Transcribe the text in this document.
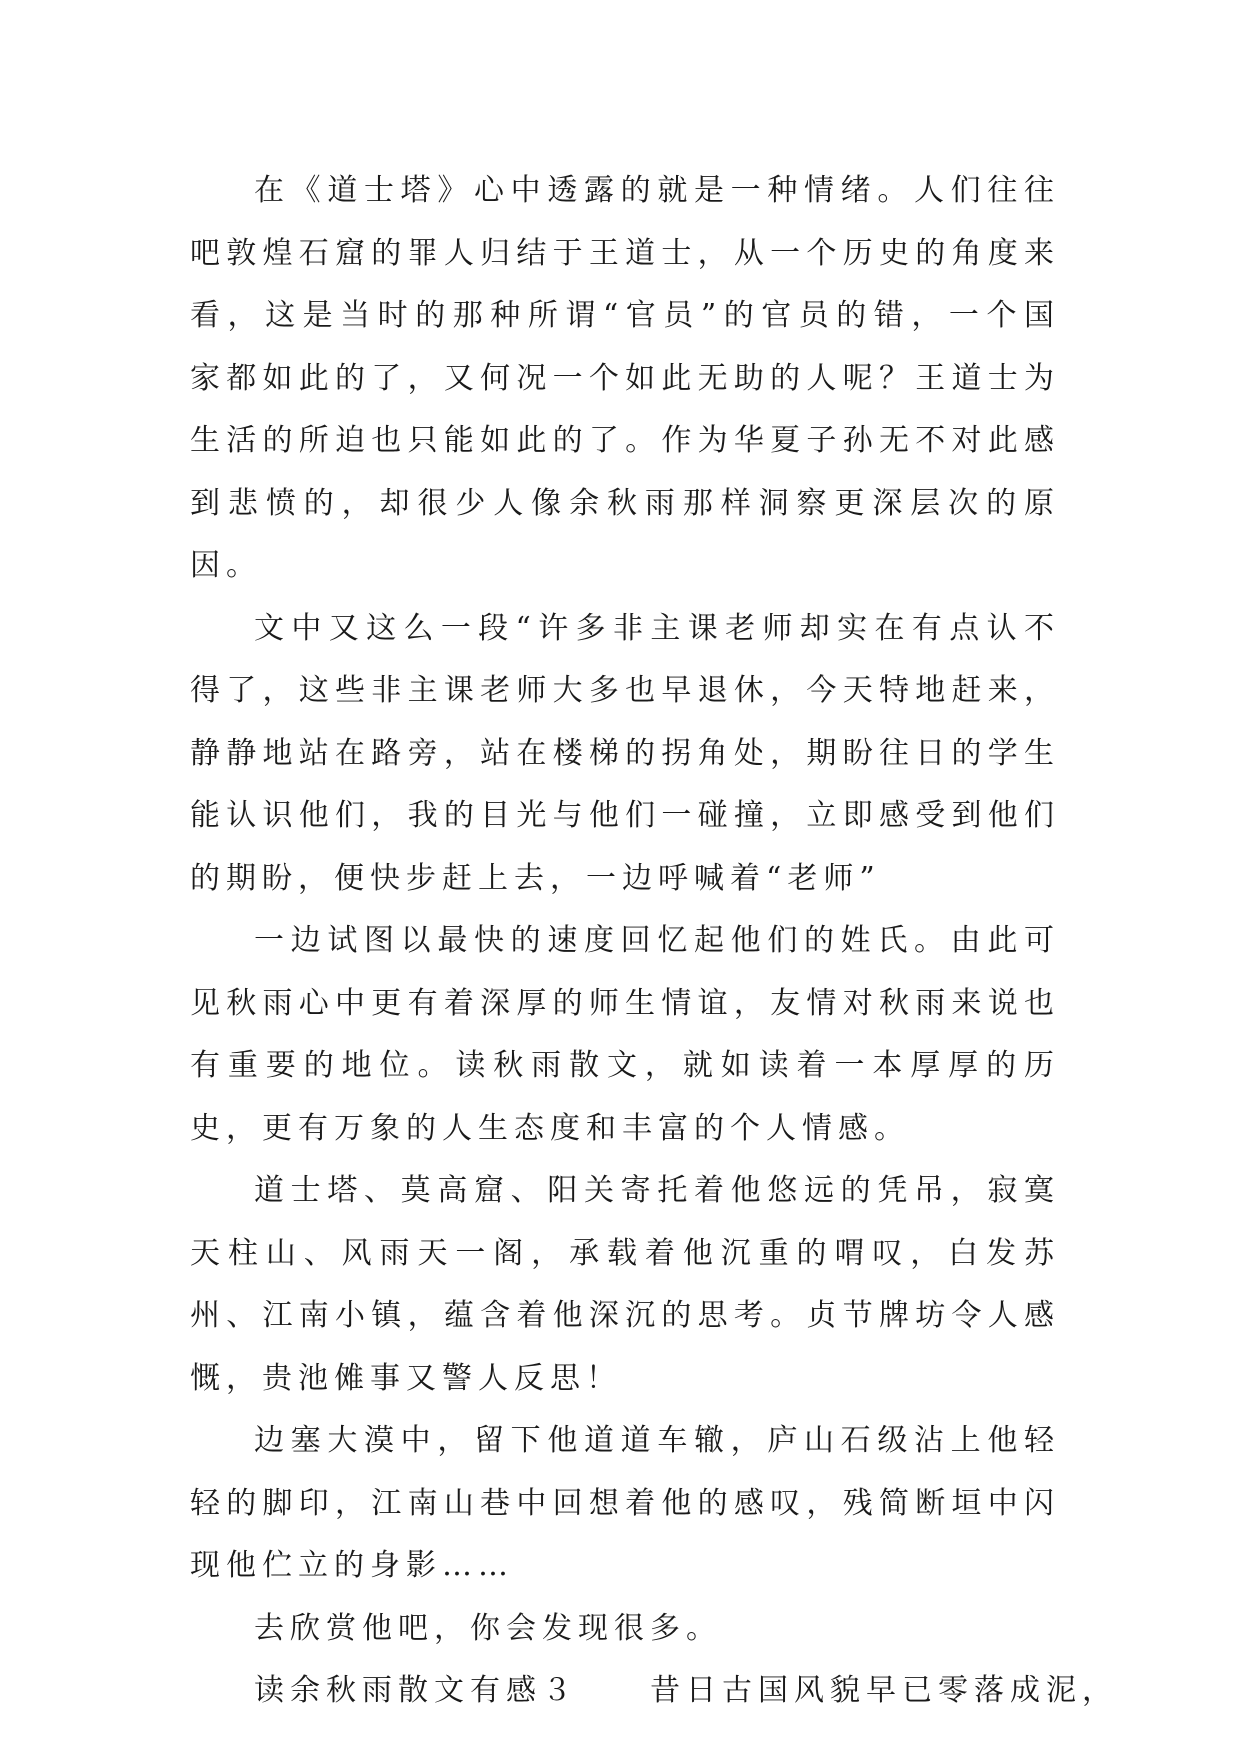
在《道士塔》心中透露的就是一种情绪。人们往往吧敦煌石窟的罪人归结于王道士，从一个历史的角度来看，这是当时的那种所谓“官员”的官员的错，一个国家都如此的了，又何况一个如此无助的人呢？王道士为生活的所迫也只能如此的了。作为华夏子孙无不对此感到悲愤的，却很少人像余秋雨那样洞察更深层次的原因。

文中又这么一段“许多非主课老师却实在有点认不得了，这些非主课老师大多也早退休，今天特地赶来，静静地站在路旁，站在楼梯的拐角处，期盼往日的学生能认识他们，我的目光与他们一碰撞，立即感受到他们的期盼，便快步赶上去，一边呼喊着“老师”

一边试图以最快的速度回忆起他们的姓氏。由此可见秋雨心中更有着深厚的师生情谊，友情对秋雨来说也有重要的地位。读秋雨散文，就如读着一本厚厚的历史，更有万象的人生态度和丰富的个人情感。

道士塔、莫高窟、阳关寄托着他悠远的凭吊，寂寞天柱山、风雨天一阁，承载着他沉重的喟叹，白发苏州、江南小镇，蕴含着他深沉的思考。贞节牌坊令人感慨，贵池傩事又警人反思！

边塞大漠中，留下他道道车辙，庐山石级沾上他轻轻的脚印，江南山巷中回想着他的感叹，残简断垣中闪现他伫立的身影……

去欣赏他吧，你会发现很多。

读余秋雨散文有感３　　昔日古国风貌早已零落成泥，
